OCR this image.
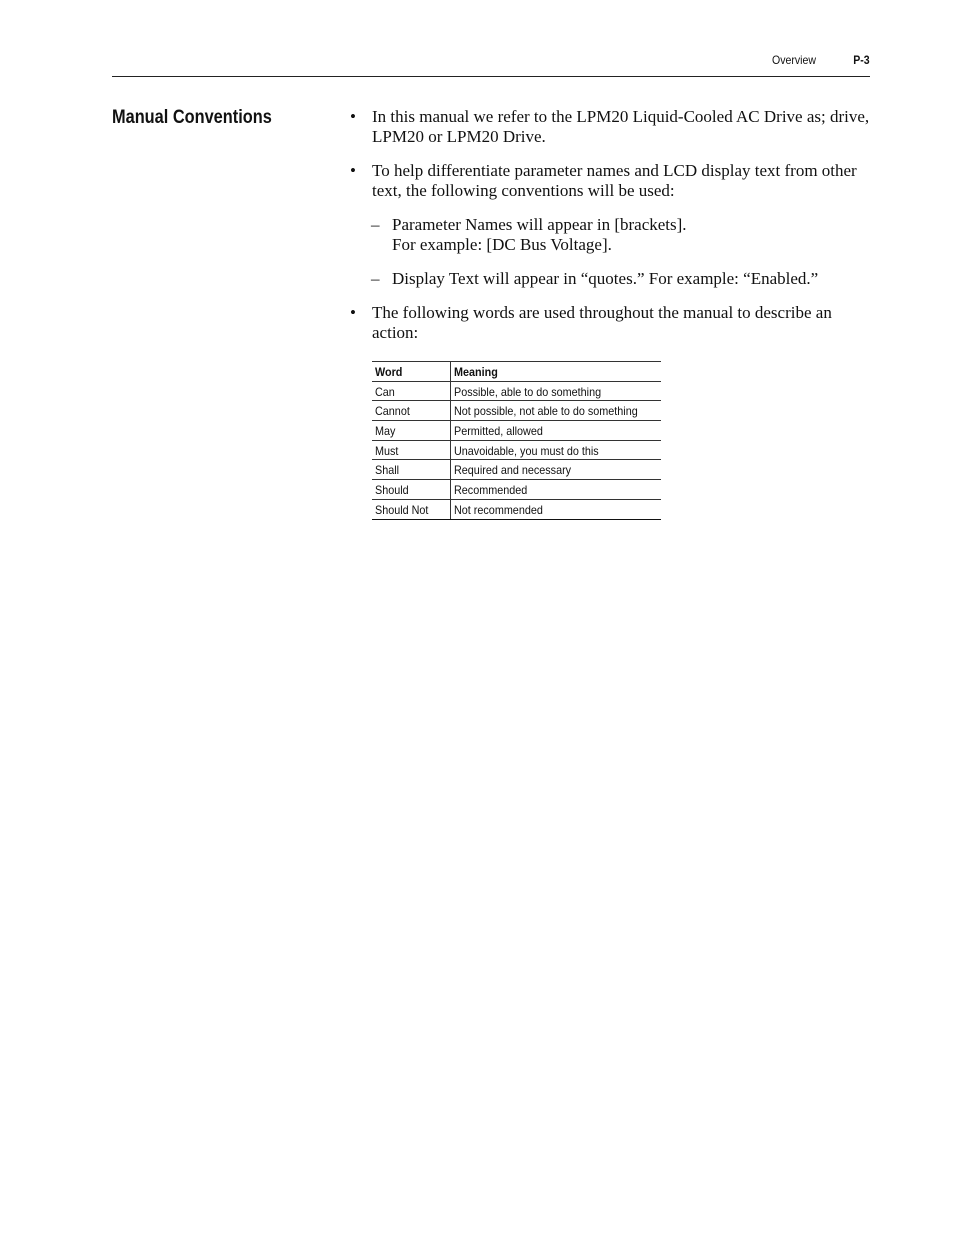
Overview	P-3
Manual Conventions	• In this manual we refer to the LPM20 Liquid-Cooled AC Drive as; drive, LPM20 or LPM20 Drive.
• To help differentiate parameter names and LCD display text from other text, the following conventions will be used:
– Parameter Names will appear in [brackets].
For example: [DC Bus Voltage].
– Display Text will appear in “quotes.” For example: “Enabled.”
• The following words are used throughout the manual to describe an action:
Word	Meaning
Can	Possible, able to do something
Cannot	Not possible, not able to do something
May	Permitted, allowed
Must	Unavoidable, you must do this
Shall	Required and necessary
Should	Recommended
Should Not	Not recommended
